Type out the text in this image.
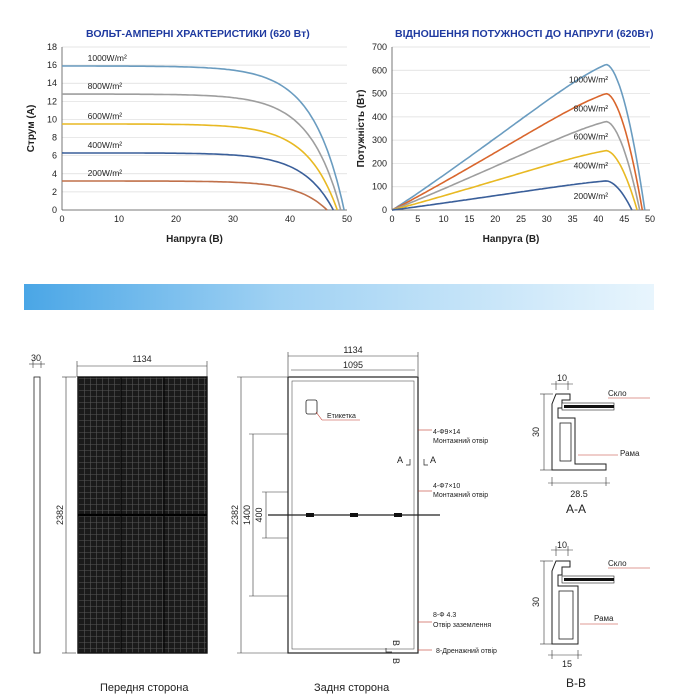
ВОЛЬТ-АМПЕРНІ ХРАКТЕРИСТИКИ (620 Вт)	ВІДНОШЕННЯ ПОТУЖНОСТІ ДО НАПРУГИ (620Вт)
0
2
4
6
8
10
12
14
16
18
0	10	20	30	40	50
Напруга (В)
Струм (А)
1000W/m²
800W/m²
600W/m²
400W/m²
200W/m²
0
100
200
300
400
500
600
700
0 5 10 15 20 25 30 35 40 45 50
Напруга (В)
Потужність (Вт)
1000W/m²
800W/m²
600W/m²
400W/m²
200W/m²
30	1134
2382
1134
1095
2382 1400 400
Етикетка
A	A
4-Ф9×14
Монтажний отвір
4-Ф7×10
Монтажний отвір
8-Ф 4.3
Отвір заземлення
8-Дренажний отвір
B
B
10
30
Скло
Рама
28.5
10
30
Скло
Рама
15
Передня сторона	Задня сторона
A-A
B-B
